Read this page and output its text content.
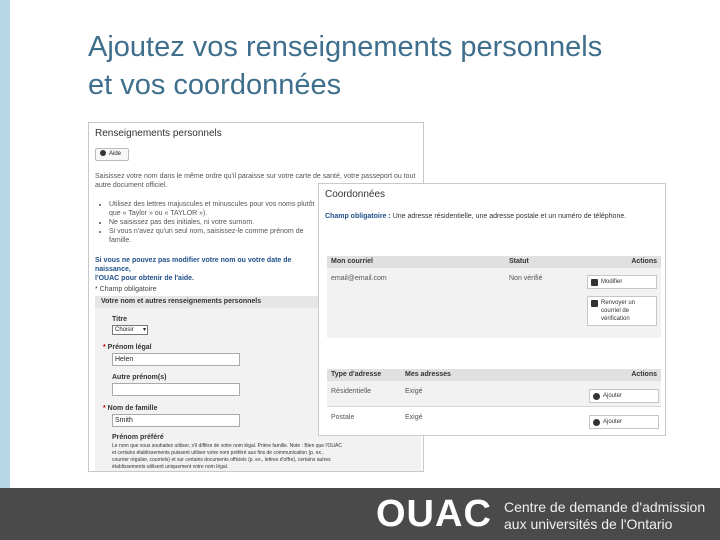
Ajoutez vos renseignements personnels
et vos coordonnées
Renseignements personnels
Aide
Saisissez votre nom dans le même ordre qu'il paraisse sur votre carte de santé, votre passeport ou tout autre document officiel.
• Utilisez des lettres majuscules et minuscules pour vos noms plutôt que « Taylor » ou « TAYLOR »).
• Ne saisissez pas des initiales, ni votre surnom.
• Si vous n'avez qu'un seul nom, saisissez-le comme prénom de famille.
Si vous ne pouvez pas modifier votre nom ou votre date de naissance,
l'OUAC pour obtenir de l'aide.
* Champ obligatoire
Votre nom et autres renseignements personnels
Titre
Choisir ▾
* Prénom légal
Helen
Autre prénom(s)
* Nom de famille
Smith
Prénom préféré
Le nom que vous souhaitez utiliser, s'il diffère de votre nom légal. Prière famille. Note : Bien que l'OUAC et certains établissements puissent utiliser votre nom préféré aux fins de communication (p. ex., courrier régulier, courriels) et sur certains documents officiels (p. ex., lettres d'offre), certains autres établissements utilisent uniquement votre nom légal.
Coordonnées
Champ obligatoire : Une adresse résidentielle, une adresse postale et un numéro de téléphone.
Mon courriel	Statut	Actions
email@email.com	Non vérifié	Modifier
Renvoyer un
courriel de
vérification
Type d'adresse	Mes adresses	Actions
Résidentielle	Exigé
Ajouter
Postale	Exigé
Ajouter
OUAC Centre de demande d'admission
aux universités de l'Ontario
